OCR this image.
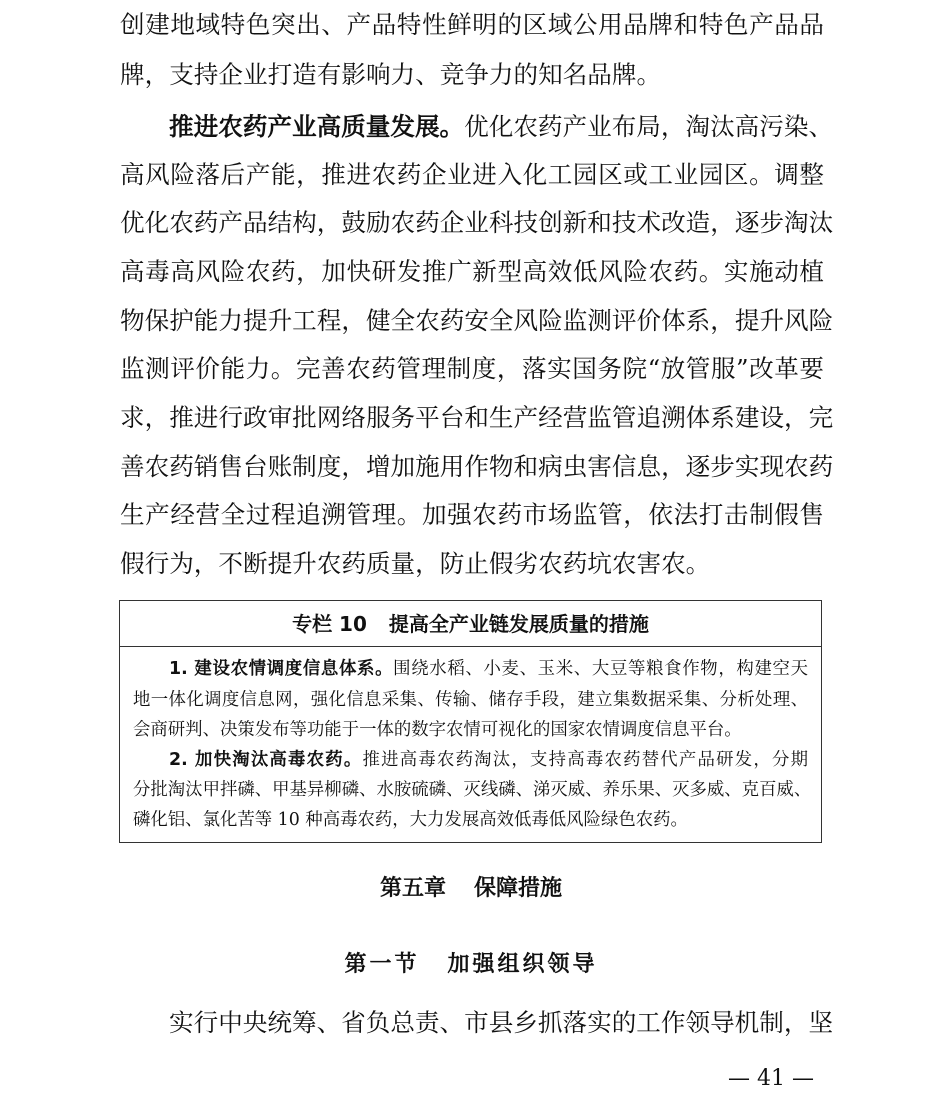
创建地域特色突出、产品特性鲜明的区域公用品牌和特色产品品
牌，支持企业打造有影响力、竞争力的知名品牌。
推进农药产业高质量发展。优化农药产业布局，淘汰高污染、
高风险落后产能，推进农药企业进入化工园区或工业园区。调整
优化农药产品结构，鼓励农药企业科技创新和技术改造，逐步淘汰
高毒高风险农药，加快研发推广新型高效低风险农药。实施动植
物保护能力提升工程，健全农药安全风险监测评价体系，提升风险
监测评价能力。完善农药管理制度，落实国务院“放管服”改革要
求，推进行政审批网络服务平台和生产经营监管追溯体系建设，完
善农药销售台账制度，增加施用作物和病虫害信息，逐步实现农药
生产经营全过程追溯管理。加强农药市场监管，依法打击制假售
假行为，不断提升农药质量，防止假劣农药坑农害农。
专栏 10 提高全产业链发展质量的措施
1. 建设农情调度信息体系。围绕水稻、小麦、玉米、大豆等粮食作物，构建空天
地一体化调度信息网，强化信息采集、传输、储存手段，建立集数据采集、分析处理、
会商研判、决策发布等功能于一体的数字农情可视化的国家农情调度信息平台。
2. 加快淘汰高毒农药。推进高毒农药淘汰，支持高毒农药替代产品研发，分期
分批淘汰甲拌磷、甲基异柳磷、水胺硫磷、灭线磷、涕灭威、养乐果、灭多威、克百威、
磷化铝、氯化苦等 10 种高毒农药，大力发展高效低毒低风险绿色农药。
第五章 保障措施
第一节 加强组织领导
实行中央统筹、省负总责、市县乡抓落实的工作领导机制，坚
— 41 —
